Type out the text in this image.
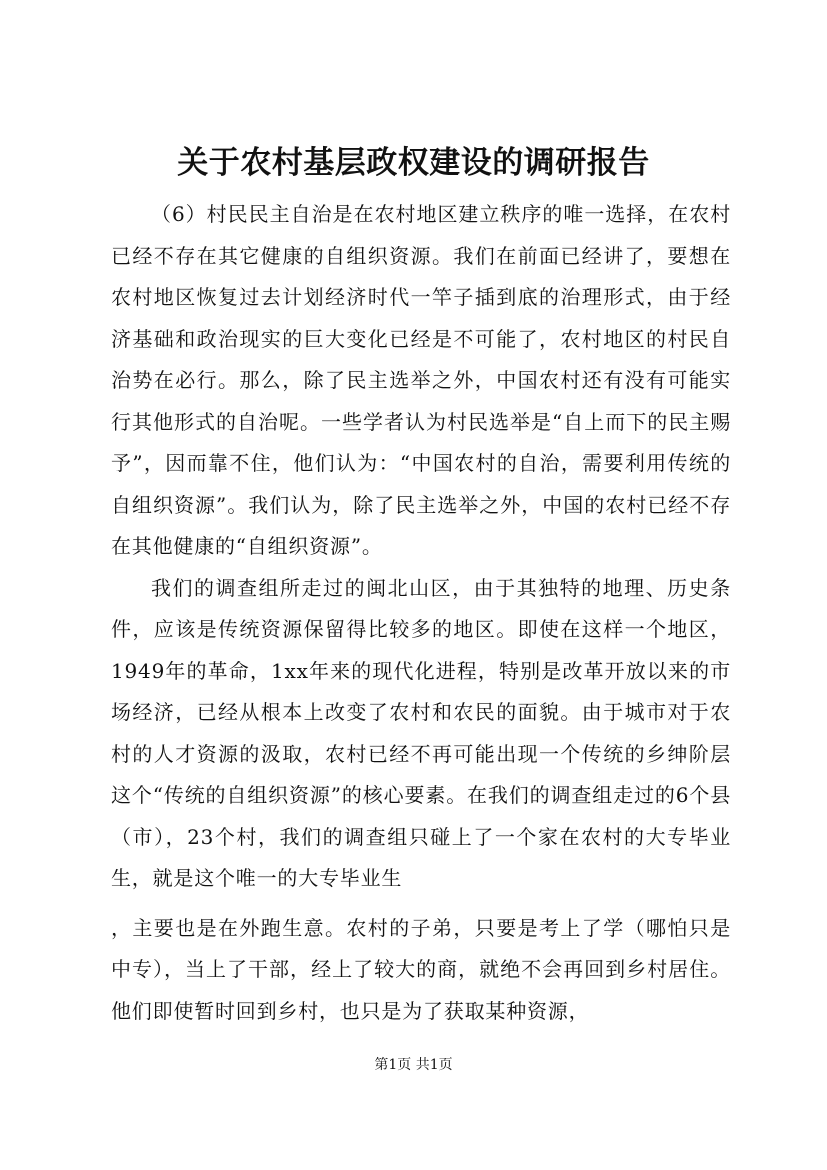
关于农村基层政权建设的调研报告

（6）村民民主自治是在农村地区建立秩序的唯一选择，在农村已经不存在其它健康的自组织资源。我们在前面已经讲了，要想在农村地区恢复过去计划经济时代一竿子插到底的治理形式，由于经济基础和政治现实的巨大变化已经是不可能了，农村地区的村民自治势在必行。那么，除了民主选举之外，中国农村还有没有可能实行其他形式的自治呢。一些学者认为村民选举是“自上而下的民主赐予”，因而靠不住，他们认为：“中国农村的自治，需要利用传统的自组织资源”。我们认为，除了民主选举之外，中国的农村已经不存在其他健康的“自组织资源”。

我们的调查组所走过的闽北山区，由于其独特的地理、历史条件，应该是传统资源保留得比较多的地区。即使在这样一个地区，1949年的革命，1xx年来的现代化进程，特别是改革开放以来的市场经济，已经从根本上改变了农村和农民的面貌。由于城市对于农村的人才资源的汲取，农村已经不再可能出现一个传统的乡绅阶层这个“传统的自组织资源”的核心要素。在我们的调查组走过的6个县（市），23个村，我们的调查组只碰上了一个家在农村的大专毕业生，就是这个唯一的大专毕业生

，主要也是在外跑生意。农村的子弟，只要是考上了学（哪怕只是中专），当上了干部，经上了较大的商，就绝不会再回到乡村居住。他们即使暂时回到乡村，也只是为了获取某种资源，

第1页 共1页
